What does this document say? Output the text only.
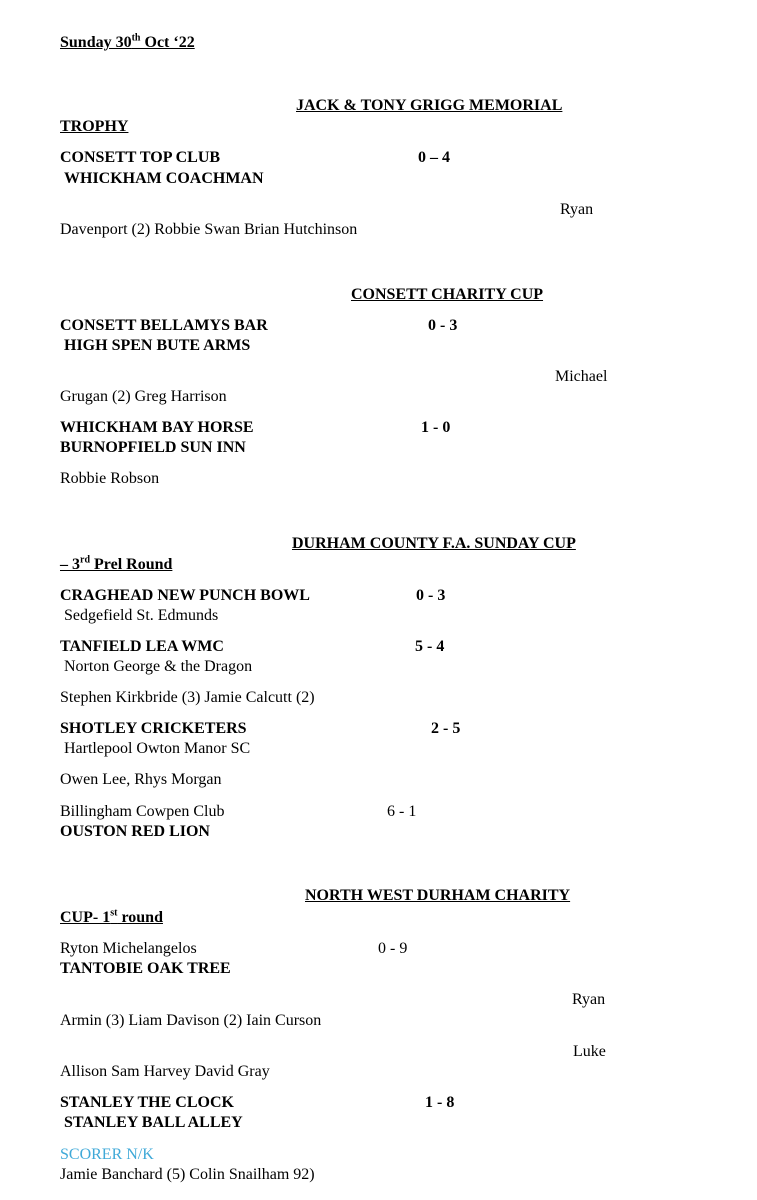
Sunday 30th Oct ‘22
JACK & TONY GRIGG MEMORIAL
TROPHY
CONSETT TOP CLUB	0 – 4
WHICKHAM COACHMAN
Ryan
Davenport (2) Robbie Swan Brian Hutchinson
CONSETT CHARITY CUP
CONSETT BELLAMYS BAR	0 - 3
HIGH SPEN BUTE ARMS
Michael
Grugan (2) Greg Harrison
WHICKHAM BAY HORSE	1 - 0
BURNOPFIELD SUN INN
Robbie Robson
DURHAM COUNTY F.A. SUNDAY CUP
– 3rd Prel Round
CRAGHEAD NEW PUNCH BOWL	0 - 3
Sedgefield St. Edmunds
TANFIELD LEA WMC	5 - 4
Norton George & the Dragon
Stephen Kirkbride (3) Jamie Calcutt (2)
SHOTLEY CRICKETERS	2 - 5
Hartlepool Owton Manor SC
Owen Lee, Rhys Morgan
Billingham Cowpen Club	6 - 1
OUSTON RED LION
NORTH WEST DURHAM CHARITY
CUP- 1st round
Ryton Michelangelos	0 - 9
TANTOBIE OAK TREE
Ryan
Armin (3) Liam Davison (2) Iain Curson
Luke
Allison Sam Harvey David Gray
STANLEY THE CLOCK	1 - 8
STANLEY BALL ALLEY
SCORER N/K
Jamie Banchard (5) Colin Snailham 92)
